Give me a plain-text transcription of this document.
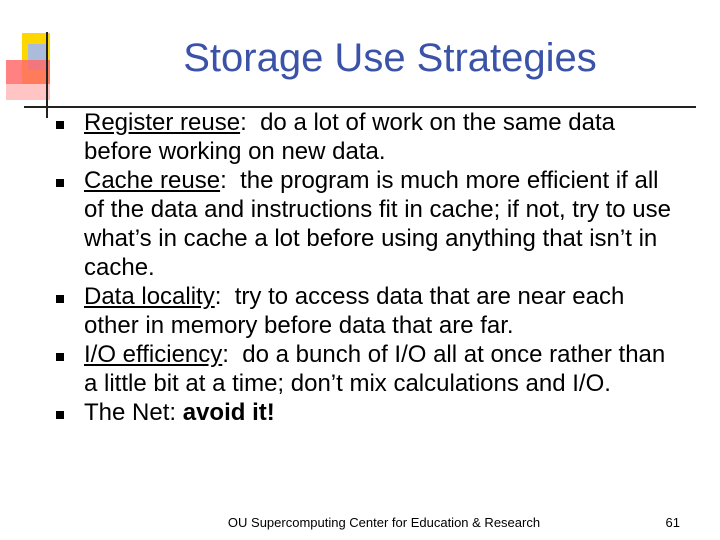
Storage Use Strategies
Register reuse:  do a lot of work on the same data before working on new data.
Cache reuse:  the program is much more efficient if all of the data and instructions fit in cache; if not, try to use what’s in cache a lot before using anything that isn’t in cache.
Data locality:  try to access data that are near each other in memory before data that are far.
I/O efficiency:  do a bunch of I/O all at once rather than a little bit at a time; don’t mix calculations and I/O.
The Net: avoid it!
OU Supercomputing Center for Education & Research	61
